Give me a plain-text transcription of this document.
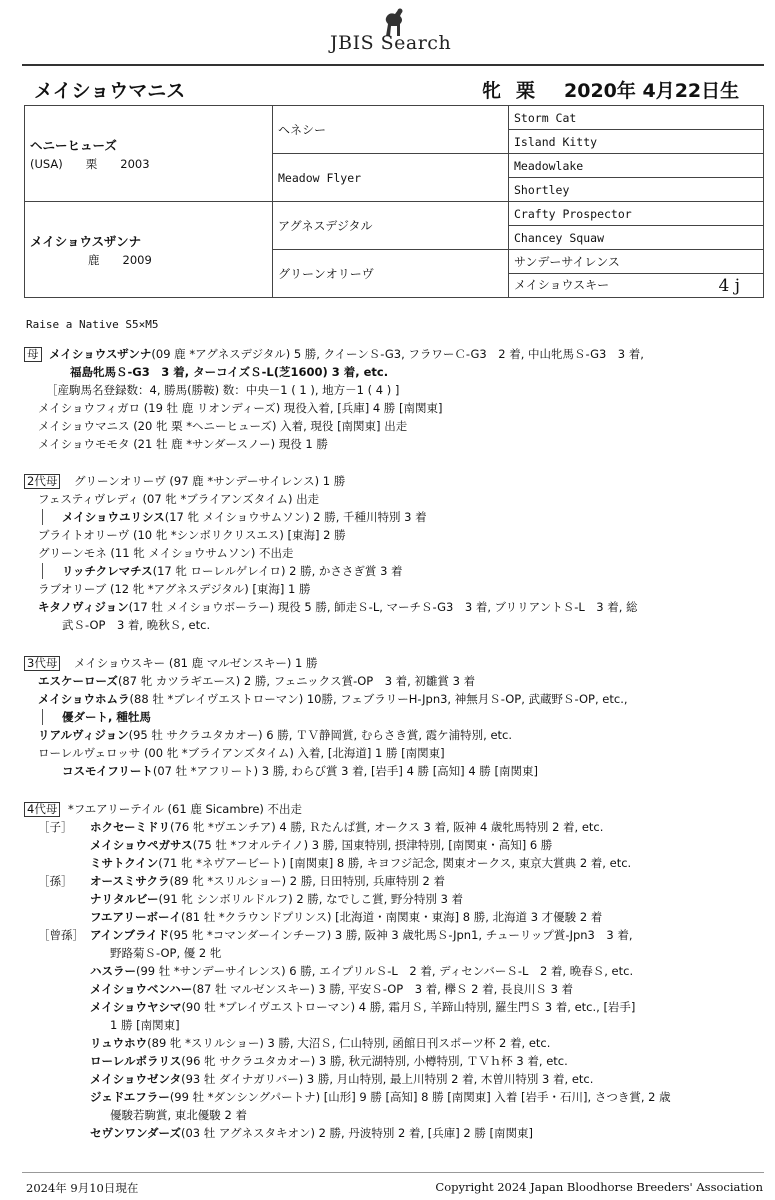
JBIS Search
メイショウマニス	牝 栗 2020年 4月22日生
ヘニーヒューズ
(USA)　　栗　　2003	ヘネシー	Storm Cat
		Island Kitty
	Meadow Flyer	Meadowlake
		Shortley

メイショウスザンナ
鹿　　2009	アグネスデジタル	Crafty Prospector
		Chancey Squaw
	グリーンオリーヴ	サンデーサイレンス
		メイショウスキー 4 j
Raise a Native S5×M5
母 メイショウスザンナ(09 鹿 *アグネスデジタル) 5 勝, クイーンＳ-G3, フラワーＣ-G3　2 着, 中山牝馬Ｓ-G3　3 着,
福島牝馬Ｓ-G3　3 着, ターコイズＳ-L(芝1600) 3 着, etc.
［産駒馬名登録数：4, 勝馬(勝鞍) 数：中央－1 ( 1 ), 地方－1 ( 4 ) ]
メイショウフィガロ (19 牡 鹿 リオンディーズ) 現役入着, [兵庫] 4 勝 [南関東]
メイショウマニス (20 牝 栗 *ヘニーヒューズ) 入着, 現役 [南関東] 出走
メイショウモモタ (21 牡 鹿 *サンダースノー) 現役 1 勝
2代母 グリーンオリーヴ (97 鹿 *サンデーサイレンス) 1 勝
フェスティヴレディ (07 牝 *ブライアンズタイム) 出走
メイショウユリシス(17 牝 メイショウサムソン) 2 勝, 千種川特別 3 着
ブライトオリーヴ (10 牝 *シンボリクリスエス) [東海] 2 勝
グリーンモネ (11 牝 メイショウサムソン) 不出走
リッチクレマチス(17 牝 ローレルゲレイロ) 2 勝, かささぎ賞 3 着
ラブオリーブ (12 牝 *アグネスデジタル) [東海] 1 勝
キタノヴィジョン(17 牡 メイショウボーラー) 現役 5 勝, 師走Ｓ-L, マーチＳ-G3　3 着, ブリリアントＳ-L　3 着, 総
武Ｓ-OP　3 着, 晩秋Ｓ, etc.
3代母 メイショウスキー (81 鹿 マルゼンスキー) 1 勝
エスケーローズ(87 牝 カツラギエース) 2 勝, フェニックス賞-OP　3 着, 初雛賞 3 着
メイショウホムラ(88 牡 *ブレイヴエストローマン) 10勝, フェブラリーH-Jpn3, 神無月Ｓ-OP, 武蔵野Ｓ-OP, etc.,
優ダート, 種牡馬
リアルヴィジョン(95 牡 サクラユタカオー) 6 勝, ＴＶ静岡賞, むらさき賞, 霞ケ浦特別, etc.
ローレルヴェロッサ (00 牝 *ブライアンズタイム) 入着, [北海道] 1 勝 [南関東]
コスモイフリート(07 牡 *アフリート) 3 勝, わらび賞 3 着, [岩手] 4 勝 [高知] 4 勝 [南関東]
4代母 *フエアリーテイル (61 鹿 Sicambre) 不出走
［子］ ホクセーミドリ(76 牝 *ヴエンチア) 4 勝, Ｒたんぱ賞, オークス 3 着, 阪神 4 歳牝馬特別 2 着, etc.
メイショウペガサス(75 牡 *フオルテイノ) 3 勝, 国東特別, 摂津特別, [南関東・高知] 6 勝
ミサトクイン(71 牝 *ネヴアービート) [南関東] 8 勝, キヨフジ記念, 関東オークス, 東京大賞典 2 着, etc.
［孫］ オースミサクラ(89 牝 *スリルショー) 2 勝, 日田特別, 兵庫特別 2 着
ナリタルビー(91 牝 シンボリルドルフ) 2 勝, なでしこ賞, 野分特別 3 着
フエアリーボーイ(81 牡 *クラウンドプリンス) [北海道・南関東・東海] 8 勝, 北海道 3 才優駿 2 着
［曾孫］ アインブライド(95 牝 *コマンダーインチーフ) 3 勝, 阪神 3 歳牝馬Ｓ-Jpn1, チューリップ賞-Jpn3　3 着,
野路菊Ｓ-OP, 優 2 牝
ハスラー(99 牡 *サンデーサイレンス) 6 勝, エイプリルＳ-L　2 着, ディセンバーＳ-L　2 着, 晩春Ｓ, etc.
メイショウベンハー(87 牡 マルゼンスキー) 3 勝, 平安Ｓ-OP　3 着, 欅Ｓ 2 着, 長良川Ｓ 3 着
メイショウヤシマ(90 牡 *ブレイヴエストローマン) 4 勝, 霜月Ｓ, 羊蹄山特別, 羅生門Ｓ 3 着, etc., [岩手]
1 勝 [南関東]
リュウホウ(89 牝 *スリルショー) 3 勝, 大沼Ｓ, 仁山特別, 函館日刊スポーツ杯 2 着, etc.
ローレルポラリス(96 牝 サクラユタカオー) 3 勝, 秋元湖特別, 小樽特別, ＴＶｈ杯 3 着, etc.
メイショウゼンタ(93 牡 ダイナガリバー) 3 勝, 月山特別, 最上川特別 2 着, 木曽川特別 3 着, etc.
ジェドエフラー(99 牡 *ダンシングパートナ) [山形] 9 勝 [高知] 8 勝 [南関東] 入着 [岩手・石川], さつき賞, 2 歳
優駿若駒賞, 東北優駿 2 着
セヴンワンダーズ(03 牡 アグネスタキオン) 2 勝, 丹波特別 2 着, [兵庫] 2 勝 [南関東]
2024年 9月10日現在	Copyright 2024 Japan Bloodhorse Breeders' Association
